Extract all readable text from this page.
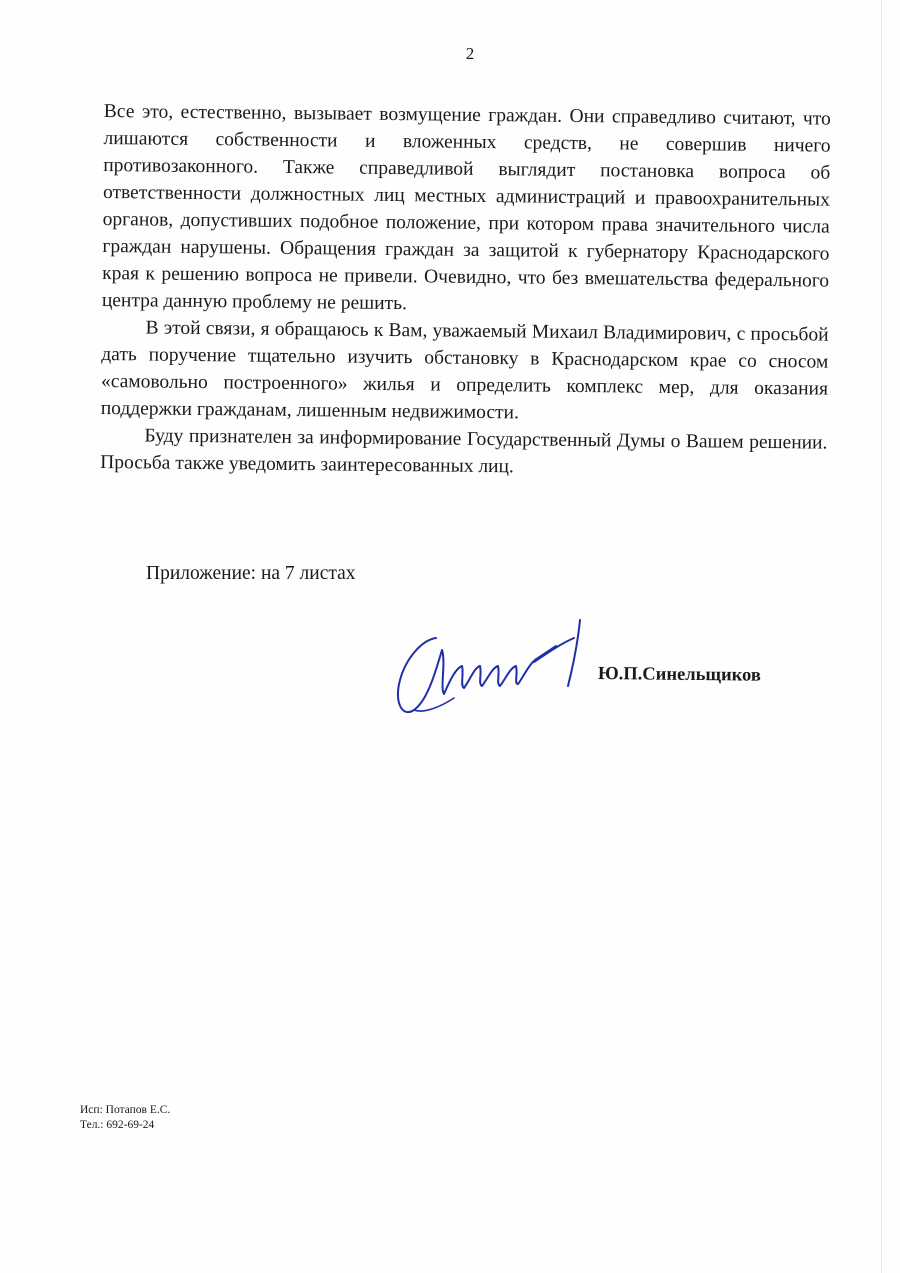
2

Все это, естественно, вызывает возмущение граждан. Они справедливо считают, что лишаются собственности и вложенных средств, не совершив ничего противозаконного. Также справедливой выглядит постановка вопроса об ответственности должностных лиц местных администраций и правоохранительных органов, допустивших подобное положение, при котором права значительного числа граждан нарушены. Обращения граждан за защитой к губернатору Краснодарского края к решению вопроса не привели. Очевидно, что без вмешательства федерального центра данную проблему не решить.

В этой связи, я обращаюсь к Вам, уважаемый Михаил Владимирович, с просьбой дать поручение тщательно изучить обстановку в Краснодарском крае со сносом «самовольно построенного» жилья и определить комплекс мер, для оказания поддержки гражданам, лишенным недвижимости.

Буду признателен за информирование Государственный Думы о Вашем решении. Просьба также уведомить заинтересованных лиц.

Приложение: на 7 листах
Ю.П.Синельщиков
Исп: Потапов Е.С.
Тел.: 692-69-24
